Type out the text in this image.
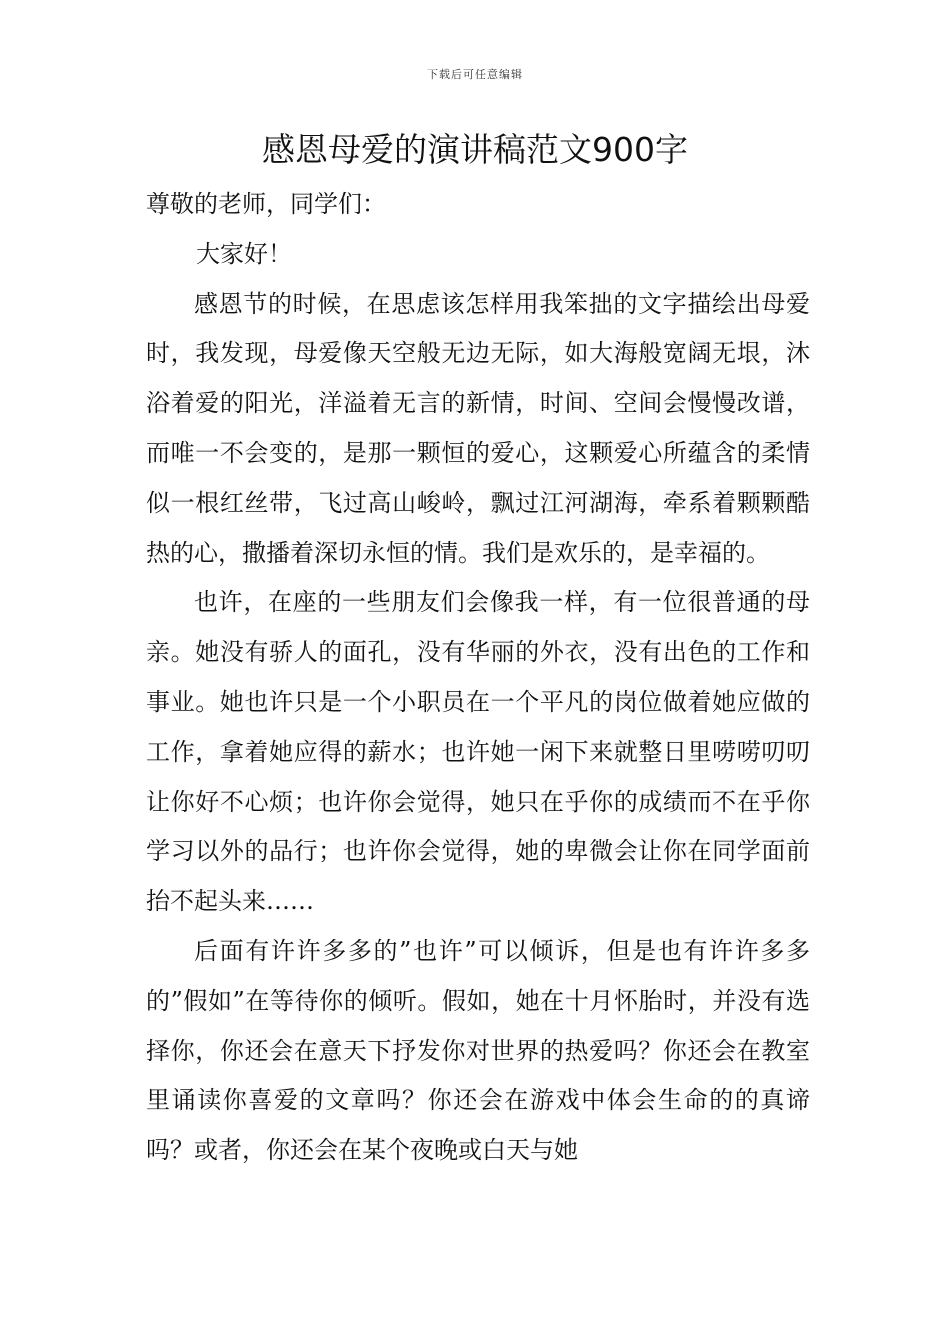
下载后可任意编辑
感恩母爱的演讲稿范文900字

尊敬的老师，同学们：

大家好！

感恩节的时候，在思虑该怎样用我笨拙的文字描绘出母爱时，我发现，母爱像天空般无边无际，如大海般宽阔无垠，沐浴着爱的阳光，洋溢着无言的新情，时间、空间会慢慢改谱，而唯一不会变的，是那一颗恒的爱心，这颗爱心所蕴含的柔情似一根红丝带，飞过高山峻岭，飘过江河湖海，牵系着颗颗酷热的心，撒播着深切永恒的情。我们是欢乐的，是幸福的。

也许，在座的一些朋友们会像我一样，有一位很普通的母亲。她没有骄人的面孔，没有华丽的外衣，没有出色的工作和事业。她也许只是一个小职员在一个平凡的岗位做着她应做的工作，拿着她应得的薪水；也许她一闲下来就整日里唠唠叨叨让你好不心烦；也许你会觉得，她只在乎你的成绩而不在乎你学习以外的品行；也许你会觉得，她的卑微会让你在同学面前抬不起头来……

后面有许许多多的”也许”可以倾诉，但是也有许许多多的”假如”在等待你的倾听。假如，她在十月怀胎时，并没有选择你，你还会在意天下抒发你对世界的热爱吗？你还会在教室里诵读你喜爱的文章吗？你还会在游戏中体会生命的的真谛吗？或者，你还会在某个夜晚或白天与她
